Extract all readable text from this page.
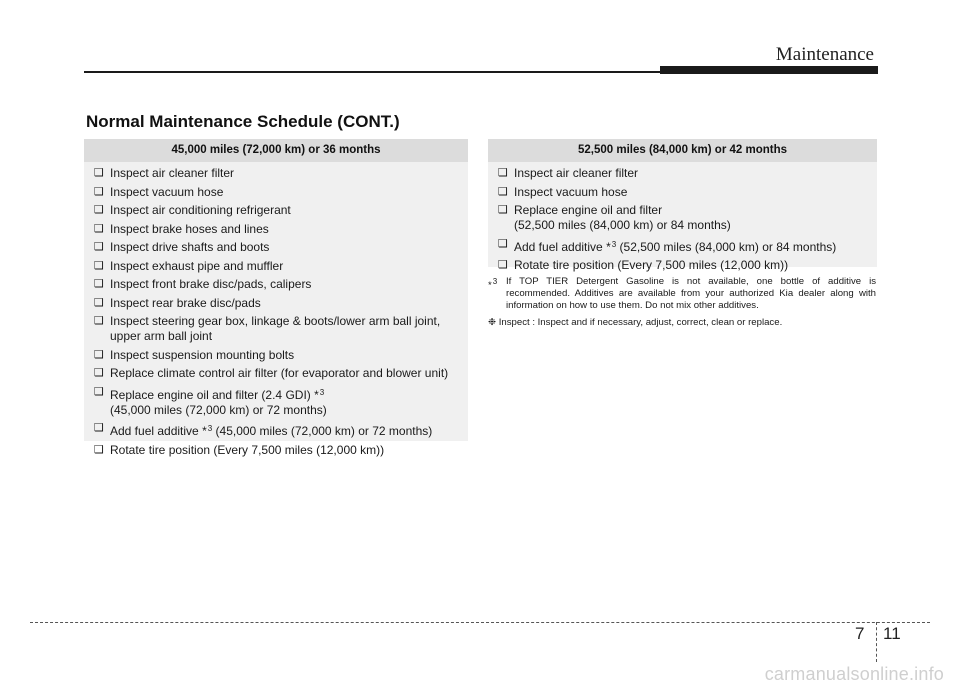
Maintenance
Normal Maintenance Schedule (CONT.)
45,000 miles (72,000 km) or 36 months
❑ Inspect air cleaner filter
❑ Inspect vacuum hose
❑ Inspect air conditioning refrigerant
❑ Inspect brake hoses and lines
❑ Inspect drive shafts and boots
❑ Inspect exhaust pipe and muffler
❑ Inspect front brake disc/pads, calipers
❑ Inspect rear brake disc/pads
❑ Inspect steering gear box, linkage & boots/lower arm ball joint,
upper arm ball joint
❑ Inspect suspension mounting bolts
❑ Replace climate control air filter (for evaporator and blower unit)
❑ Replace engine oil and filter (2.4 GDI) *$^3$
(45,000 miles (72,000 km) or 72 months)
❑ Add fuel additive *$^3$ (45,000 miles (72,000 km) or 72 months)
❑ Rotate tire position (Every 7,500 miles (12,000 km))
52,500 miles (84,000 km) or 42 months
❑ Inspect air cleaner filter
❑ Inspect vacuum hose
❑ Replace engine oil and filter
(52,500 miles (84,000 km) or 84 months)
❑ Add fuel additive *$^3$ (52,500 miles (84,000 km) or 84 months)
❑ Rotate tire position (Every 7,500 miles (12,000 km))
*$^3$ If TOP TIER Detergent Gasoline is not available, one bottle of additive is recommended. Additives are available from your authorized Kia dealer along with information on how to use them. Do not mix other additives.
❉ Inspect : Inspect and if necessary, adjust, correct, clean or replace.
7 11
carmanualsonline.info
